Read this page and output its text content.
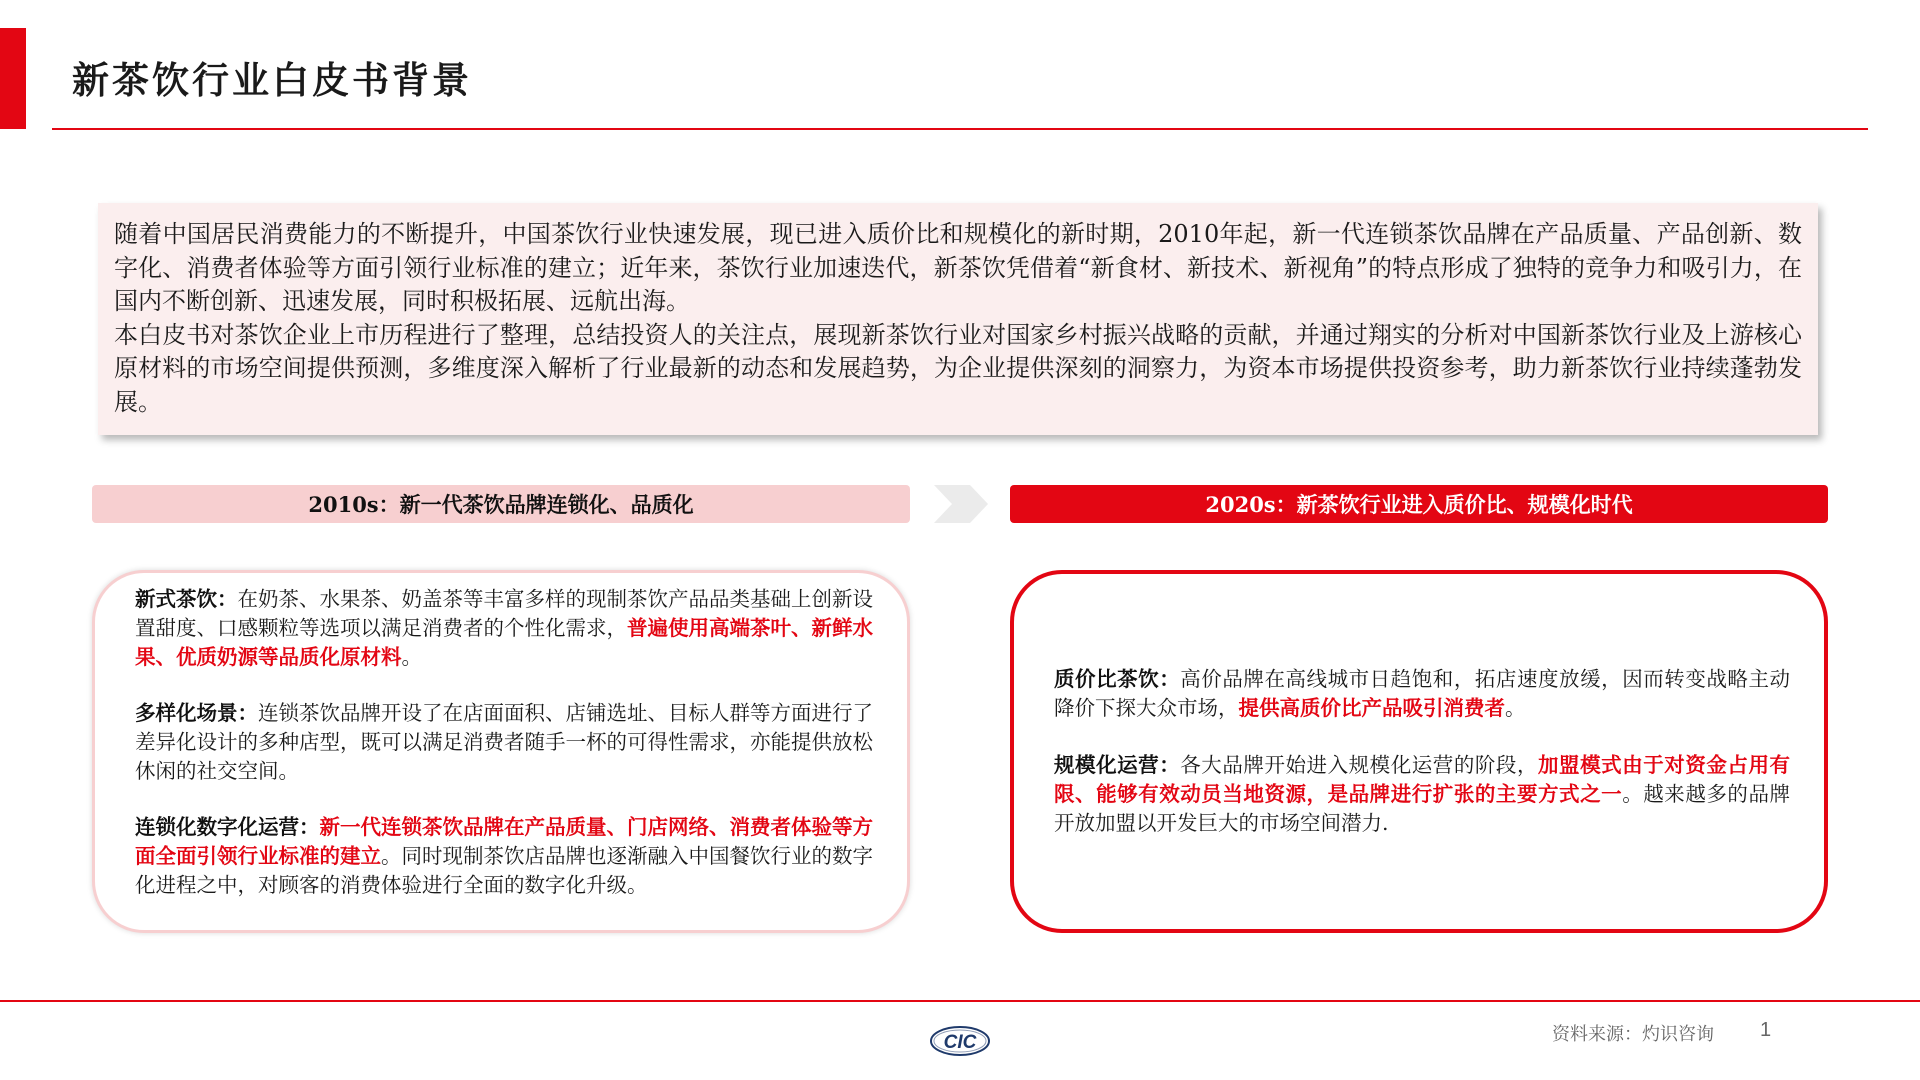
新茶饮行业白皮书背景

随着中国居民消费能力的不断提升，中国茶饮行业快速发展，现已进入质价比和规模化的新时期，2010年起，新一代连锁茶饮品牌在产品质量、产品创新、数字化、消费者体验等方面引领行业标准的建立；近年来，茶饮行业加速迭代，新茶饮凭借着“新食材、新技术、新视角”的特点形成了独特的竞争力和吸引力，在国内不断创新、迅速发展，同时积极拓展、远航出海。

本白皮书对茶饮企业上市历程进行了整理，总结投资人的关注点，展现新茶饮行业对国家乡村振兴战略的贡献，并通过翔实的分析对中国新茶饮行业及上游核心原材料的市场空间提供预测，多维度深入解析了行业最新的动态和发展趋势，为企业提供深刻的洞察力，为资本市场提供投资参考，助力新茶饮行业持续蓬勃发展。

2010s：新一代茶饮品牌连锁化、品质化	2020s：新茶饮行业进入质价比、规模化时代
新式茶饮：在奶茶、水果茶、奶盖茶等丰富多样的现制茶饮产品品类基础上创新设置甜度、口感颗粒等选项以满足消费者的个性化需求，普遍使用高端茶叶、新鲜水果、优质奶源等品质化原材料。
多样化场景：连锁茶饮品牌开设了在店面面积、店铺选址、目标人群等方面进行了差异化设计的多种店型，既可以满足消费者随手一杯的可得性需求，亦能提供放松休闲的社交空间。
连锁化数字化运营：新一代连锁茶饮品牌在产品质量、门店网络、消费者体验等方面全面引领行业标准的建立。同时现制茶饮店品牌也逐渐融入中国餐饮行业的数字化进程之中，对顾客的消费体验进行全面的数字化升级。
质价比茶饮：高价品牌在高线城市日趋饱和，拓店速度放缓，因而转变战略主动降价下探大众市场，提供高质价比产品吸引消费者。
规模化运营：各大品牌开始进入规模化运营的阶段，加盟模式由于对资金占用有限、能够有效动员当地资源，是品牌进行扩张的主要方式之一。越来越多的品牌开放加盟以开发巨大的市场空间潜力.
CIC	资料来源：灼识咨询 1
